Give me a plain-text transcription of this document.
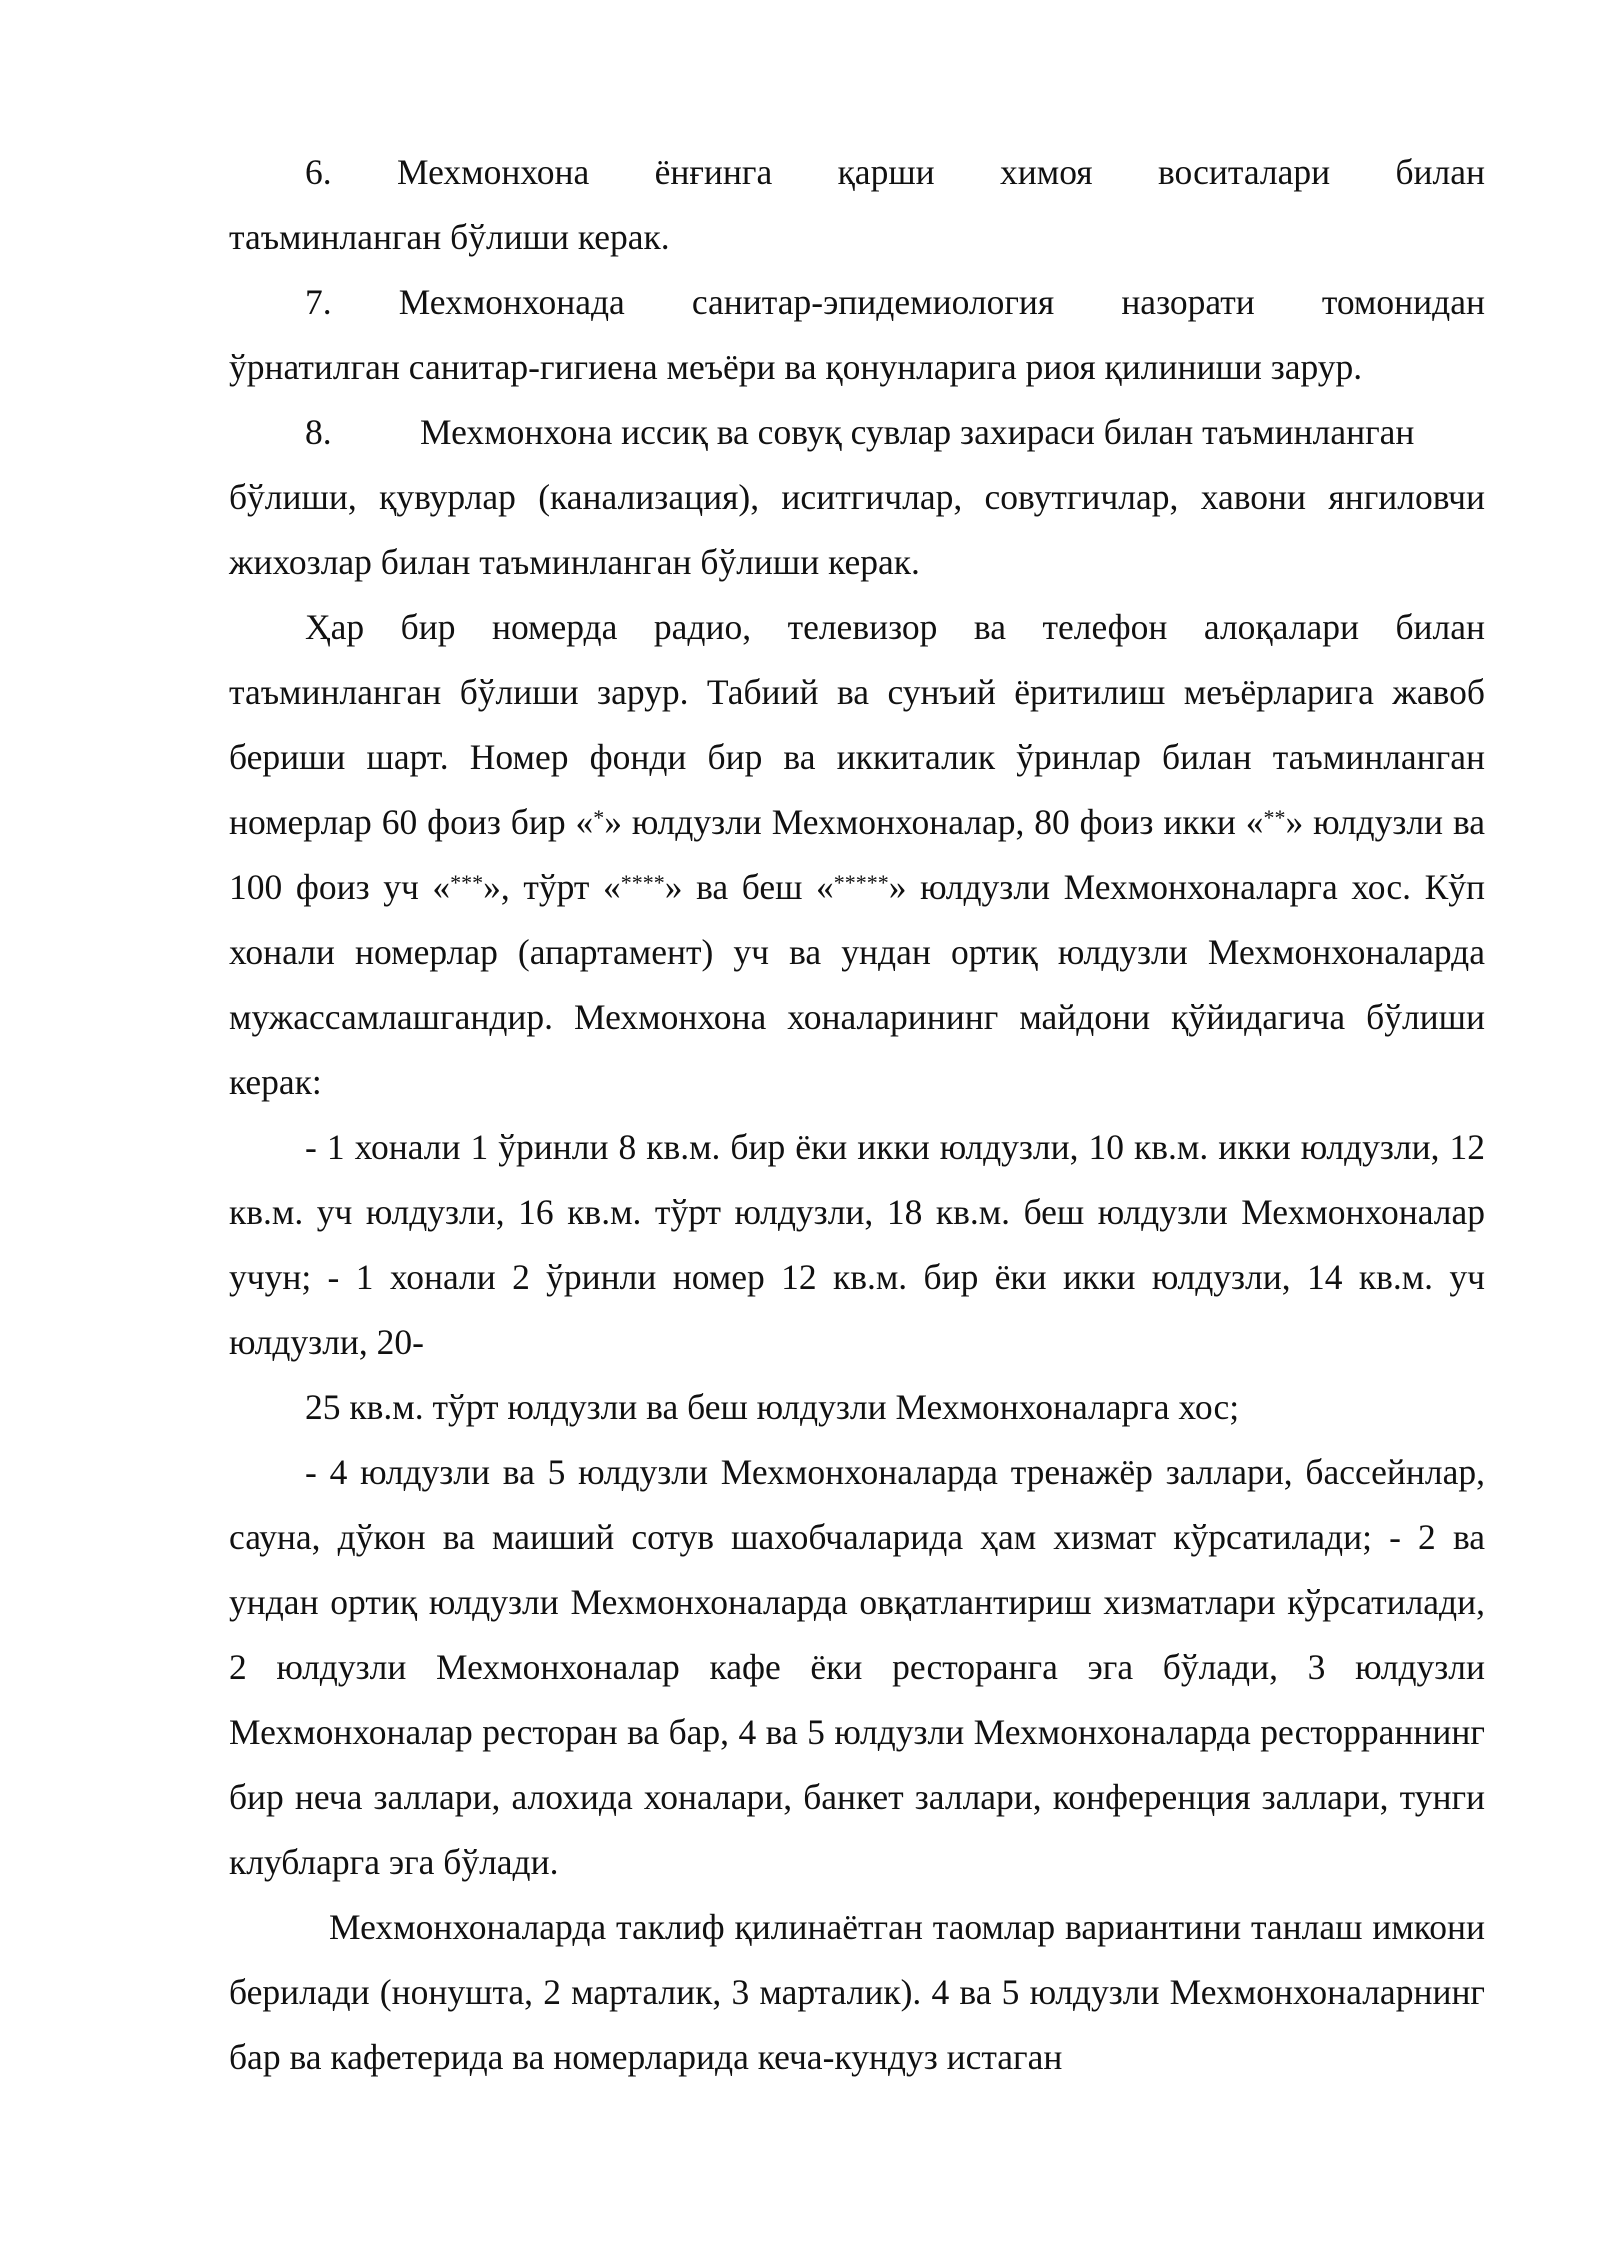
6. Мехмонхона ёнғинга қарши химоя воситалари билан

таъминланган бўлиши керак.

7. Мехмонхонада санитар-эпидемиология назорати томонидан

ўрнатилган санитар-гигиена меъёри ва қонунларига риоя қилиниши зарур.

8.	Мехмонхона иссиқ ва совуқ сувлар захираси билан таъминланган

бўлиши, қувурлар (канализация), иситгичлар, совутгичлар, хавони янгиловчи жихозлар билан таъминланган бўлиши керак.

Ҳар бир номерда радио, телевизор ва телефон алоқалари билан таъминланган бўлиши зарур. Табиий ва сунъий ёритилиш меъёрларига жавоб бериши шарт. Номер фонди бир ва иккиталик ўринлар билан таъминланган номерлар 60 фоиз бир «*» юлдузли Мехмонхоналар, 80 фоиз икки «**» юлдузли ва 100 фоиз уч «***», тўрт «****» ва беш «*****» юлдузли Мехмонхоналарга хос. Кўп хонали номерлар (апартамент) уч ва ундан ортиқ юлдузли Мехмонхоналарда мужассамлашгандир. Мехмонхона хоналарининг майдони қўйидагича бўлиши керак:

- 1 хонали 1 ўринли 8 кв.м. бир ёки икки юлдузли, 10 кв.м. икки юлдузли, 12 кв.м. уч юлдузли, 16 кв.м. тўрт юлдузли, 18 кв.м. беш юлдузли Мехмонхоналар учун; - 1 хонали 2 ўринли номер 12 кв.м. бир ёки икки юлдузли, 14 кв.м. уч юлдузли, 20-

25 кв.м. тўрт юлдузли ва беш юлдузли Мехмонхоналарга хос;

- 4 юлдузли ва 5 юлдузли Мехмонхоналарда тренажёр заллари, бассейнлар, сауна, дўкон ва маиший сотув шахобчаларида ҳам хизмат кўрсатилади; - 2 ва ундан ортиқ юлдузли Мехмонхоналарда овқатлантириш хизматлари кўрсатилади, 2 юлдузли Мехмонхоналар кафе ёки ресторанга эга бўлади, 3 юлдузли Мехмонхоналар ресторан ва бар, 4 ва 5 юлдузли Мехмонхоналарда ресторраннинг бир неча заллари, алохида хоналари, банкет заллари, конференция заллари, тунги клубларга эга бўлади.

Мехмонхоналарда таклиф қилинаётган таомлар вариантини танлаш имкони берилади (нонушта, 2 марталик, 3 марталик). 4 ва 5 юлдузли Мехмонхоналарнинг бар ва кафетерида ва номерларида кеча-кундуз истаган
